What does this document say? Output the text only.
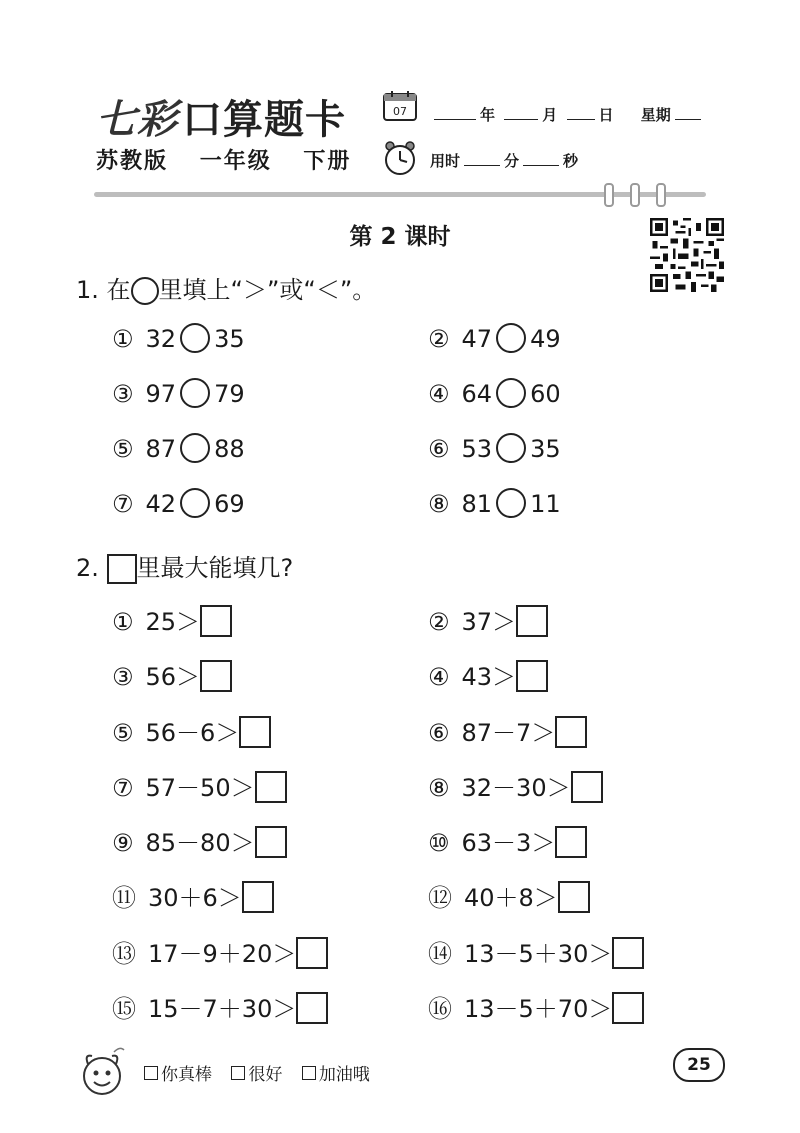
七彩 口算题卡
苏教版 一年级 下册
07	年	月	日 星期
用时	分	秒
第 2 课时
1. 在 里填上“＞”或“＜”。
① 32 35	② 47 49
③ 97 79	④ 64 60
⑤ 87 88	⑥ 53 35
⑦ 42 69	⑧ 81 11
2. 里最大能填几?
① 25＞	② 37＞
③ 56＞	④ 43＞
⑤ 56－6＞	⑥ 87－7＞
⑦ 57－50＞	⑧ 32－30＞
⑨ 85－80＞	⑩ 63－3＞
⑪ 30＋6＞	⑫ 40＋8＞
⑬ 17－9＋20＞	⑭ 13－5＋30＞
⑮ 15－7＋30＞	⑯ 13－5＋70＞
你真棒 很好 加油哦	25
